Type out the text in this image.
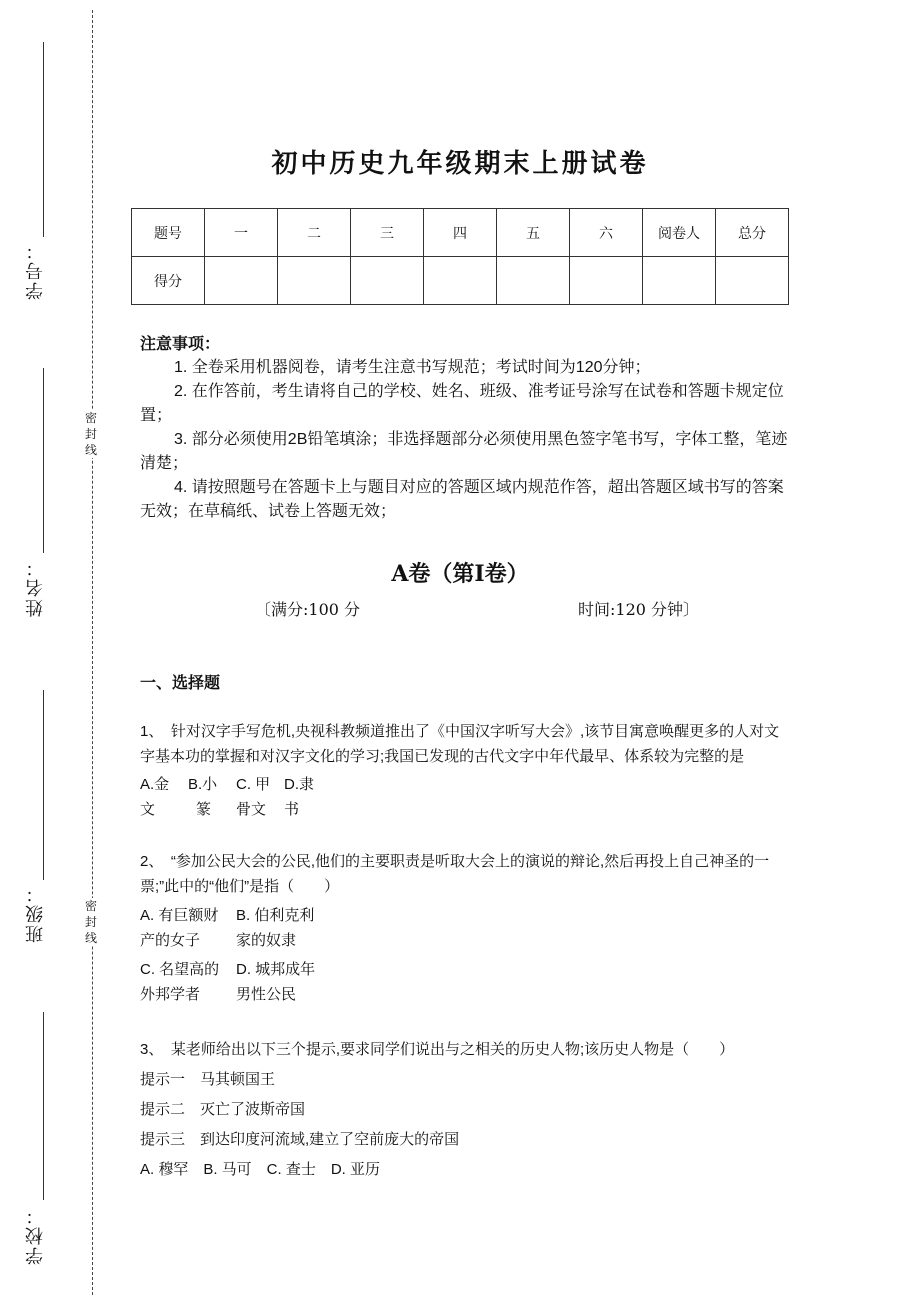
学号：
姓名：
班级：
学校：
密封线
密封线
初中历史九年级期末上册试卷
题号	一	二	三	四	五	六	阅卷人	总分
得分								
注意事项：
1. 全卷采用机器阅卷，请考生注意书写规范；考试时间为120分钟；
2. 在作答前，考生请将自己的学校、姓名、班级、准考证号涂写在试卷和答题卡规定位置；
3. 部分必须使用2B铅笔填涂；非选择题部分必须使用黑色签字笔书写，字体工整，笔迹清楚；
4. 请按照题号在答题卡上与题目对应的答题区域内规范作答，超出答题区域书写的答案无效；在草稿纸、试卷上答题无效；
A卷（第I卷）
〔满分:100 分	时间:120 分钟〕
一、选择题
1、　针对汉字手写危机,央视科教频道推出了《中国汉字听写大会》,该节目寓意唤醒更多的人对文字基本功的掌握和对汉字文化的学习;我国已发现的古代文字中年代最早、体系较为完整的是
A.金	B.小	C. 甲 D.隶
文	篆	骨文	书
2、　“参加公民大会的公民,他们的主要职责是听取大会上的演说的辩论,然后再投上自己神圣的一票;”此中的“他们”是指（　　）
A. 有巨额财	B. 伯利克利
产的女子	家的奴隶
C. 名望高的	D. 城邦成年
外邦学者	男性公民
3、　某老师给出以下三个提示,要求同学们说出与之相关的历史人物;该历史人物是（　　）
提示一　马其顿国王
提示二　灭亡了波斯帝国
提示三　到达印度河流域,建立了空前庞大的帝国
A. 穆罕　B. 马可　C. 查士　D. 亚历
